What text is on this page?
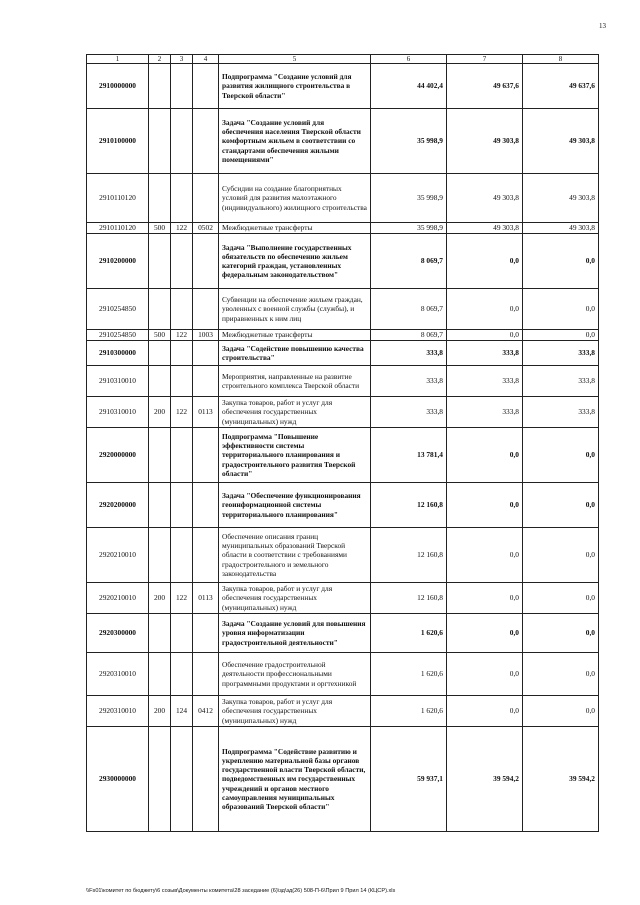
13
1	2	3	4	5	6	7	8
2910000000				Подпрограмма "Создание условий для развития жилищного строительства в Тверской области"	44 402,4	49 637,6	49 637,6
2910100000				Задача "Создание условий для обеспечения населения Тверской области комфортным жильем в соответствии со стандартами обеспечения жилыми помещениями"	35 998,9	49 303,8	49 303,8
2910110120				Субсидии на создание благоприятных условий для развития малоэтажного (индивидуального) жилищного строительства	35 998,9	49 303,8	49 303,8
2910110120	500	122	0502	Межбюджетные трансферты	35 998,9	49 303,8	49 303,8
2910200000				Задача "Выполнение государственных обязательств по обеспечению жильем категорий граждан, установленных федеральным законодательством"	8 069,7	0,0	0,0
2910254850				Субвенции на обеспечение жильем граждан, уволенных с военной службы (службы), и приравненных к ним лиц	8 069,7	0,0	0,0
2910254850	500	122	1003	Межбюджетные трансферты	8 069,7	0,0	0,0
2910300000				Задача "Содействие повышению качества строительства"	333,8	333,8	333,8
2910310010				Мероприятия, направленные на развитие строительного комплекса Тверской области	333,8	333,8	333,8
2910310010	200	122	0113	Закупка товаров, работ и услуг для обеспечения государственных (муниципальных) нужд	333,8	333,8	333,8
2920000000				Подпрограмма "Повышение эффективности системы территориального планирования и градостроительного развития Тверской области"	13 781,4	0,0	0,0
2920200000				Задача "Обеспечение функционирования геоинформационной системы территориального планирования"	12 160,8	0,0	0,0
2920210010				Обеспечение описания границ муниципальных образований Тверской области в соответствии с требованиями градостроительного и земельного законодательства	12 160,8	0,0	0,0
2920210010	200	122	0113	Закупка товаров, работ и услуг для обеспечения государственных (муниципальных) нужд	12 160,8	0,0	0,0
2920300000				Задача "Создание условий для повышения уровня информатизации градостроительной деятельности"	1 620,6	0,0	0,0
2920310010				Обеспечение градостроительной деятельности профессиональными программными продуктами и оргтехникой	1 620,6	0,0	0,0
2920310010	200	124	0412	Закупка товаров, работ и услуг для обеспечения государственных (муниципальных) нужд	1 620,6	0,0	0,0
2930000000				Подпрограмма "Содействие развитию и укреплению материальной базы органов государственной власти Тверской области, подведомственных им государственных учреждений и органов местного самоуправления муниципальных образований Тверской области"	59 937,1	39 594,2	39 594,2
\\Fs01\комитет по бюджету\6 созыв\Документы комитета\28 заседание (6)\зд\зд(26) 508-П-6\Прил 9 Прил 14 (КЦСР).xls
